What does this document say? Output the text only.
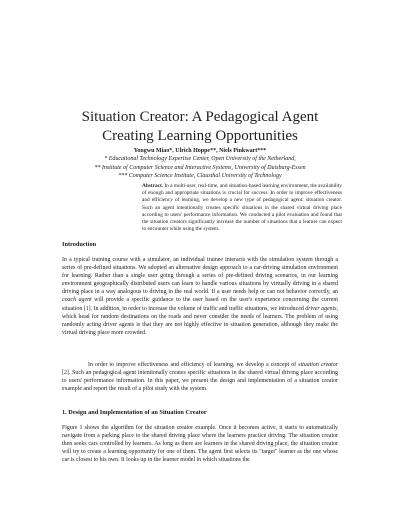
Situation Creator: A Pedagogical Agent
Creating Learning Opportunities
Yongwu Miao*, Ulrich Hoppe**, Niels Pinkwart***
* Educational Technology Expertise Center, Open University of the Netherland,
** Institute of Computer Science and Interactive Systems, University of Duisburg-Essen
*** Computer Science Institute, Clausthal University of Technology
Abstract. In a multi-user, real-time, and situation-based learning environment, the availability of enough and appropriate situations is crucial for success. In order to improve effectiveness and efficiency of learning, we develop a new type of pedagogical agent: situation creator. Such an agent intentionally creates specific situations in the shared virtual driving place according to users' performance information. We conducted a pilot evaluation and found that the situation creators significantly increase the number of situations that a learner can expect to encounter while using the system.
Introduction
In a typical training course with a simulator, an individual trainee interacts with the simulation system through a series of pre-defined situations. We adopted an alternative design approach to a car-driving simulation environment for learning. Rather than a single user going through a series of pre-defined driving scenarios, in our learning environment geographically distributed users can learn to handle various situations by virtually driving in a shared driving place in a way analogous to driving in the real world. If a user needs help or can not behavior correctly, an coach agent will provide a specific guidance to the user based on the user's experience concerning the current situation [1]. In addition, in order to increase the volume of traffic and traffic situations, we introduced driver agents, which head for random destinations on the roads and never consider the needs of learners. The problem of using randomly acting driver agents is that they are not highly effective in situation generation, although they make the virtual driving place more crowded.
In order to improve effectiveness and efficiency of learning, we develop a concept of situation creator [2]. Such an pedagogical agent intentionally creates specific situations in the shared virtual driving place according to users' performance information. In this paper, we present the design and implementation of a situation creator example and report the result of a pilot study with the system.
1. Design and Implementation of an Situation Creator
Figure 1 shows the algorithm for the situation creator example. Once it becomes active, it starts to automatically navigate from a parking place to the shared driving place where the learners practice driving. The situation creator then seeks cars controlled by learners. As long as there are learners in the shared driving place, the situation creator will try to create a learning opportunity for one of them. The agent first selects its "target" learner as the one whose car is closest to his own. It looks up in the learner model in which situations the
